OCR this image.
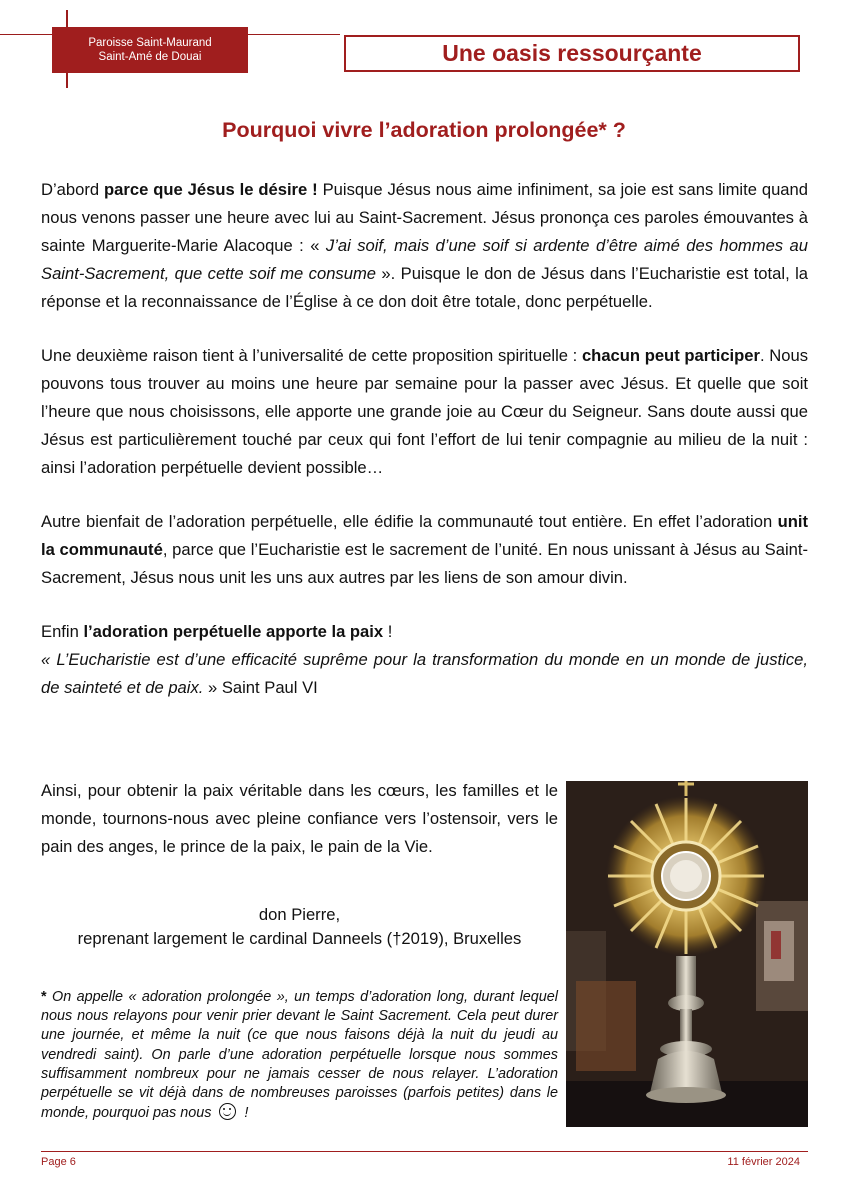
Paroisse Saint-Maurand
Saint-Amé de Douai	Une oasis ressourçante
Pourquoi vivre l’adoration prolongée* ?

D’abord parce que Jésus le désire ! Puisque Jésus nous aime infiniment, sa joie est sans limite quand nous venons passer une heure avec lui au Saint-Sacrement. Jésus prononça ces paroles émouvantes à sainte Marguerite-Marie Alacoque : « J’ai soif, mais d’une soif si ardente d’être aimé des hommes au Saint-Sacrement, que cette soif me consume ». Puisque le don de Jésus dans l’Eucharistie est total, la réponse et la reconnaissance de l’Église à ce don doit être totale, donc perpétuelle.

Une deuxième raison tient à l’universalité de cette proposition spirituelle : chacun peut participer. Nous pouvons tous trouver au moins une heure par semaine pour la passer avec Jésus. Et quelle que soit l’heure que nous choisissons, elle apporte une grande joie au Cœur du Seigneur. Sans doute aussi que Jésus est particulièrement touché par ceux qui font l’effort de lui tenir compagnie au milieu de la nuit : ainsi l’adoration perpétuelle devient possible…

Autre bienfait de l’adoration perpétuelle, elle édifie la communauté tout entière. En effet l’adoration unit la communauté, parce que l’Eucharistie est le sacrement de l’unité. En nous unissant à Jésus au Saint-Sacrement, Jésus nous unit les uns aux autres par les liens de son amour divin.

Enfin l’adoration perpétuelle apporte la paix !

« L’Eucharistie est d’une efficacité suprême pour la transformation du monde en un monde de justice, de sainteté et de paix. » Saint Paul VI

Ainsi, pour obtenir la paix véritable dans les cœurs, les familles et le monde, tournons-nous avec pleine confiance vers l’ostensoir, vers le pain des anges, le prince de la paix, le pain de la Vie.

don Pierre,
reprenant largement le cardinal Danneels (†2019), Bruxelles

* On appelle « adoration prolongée », un temps d’adoration long, durant lequel nous nous relayons pour venir prier devant le Saint Sacrement. Cela peut durer une journée, et même la nuit (ce que nous faisons déjà la nuit du jeudi au vendredi saint). On parle d’une adoration perpétuelle lorsque nous sommes suffisamment nombreux pour ne jamais cesser de nous relayer. L’adoration perpétuelle se vit déjà dans de nombreuses paroisses (parfois petites) dans le monde, pourquoi pas nous !

Page 6	11 février 2024
